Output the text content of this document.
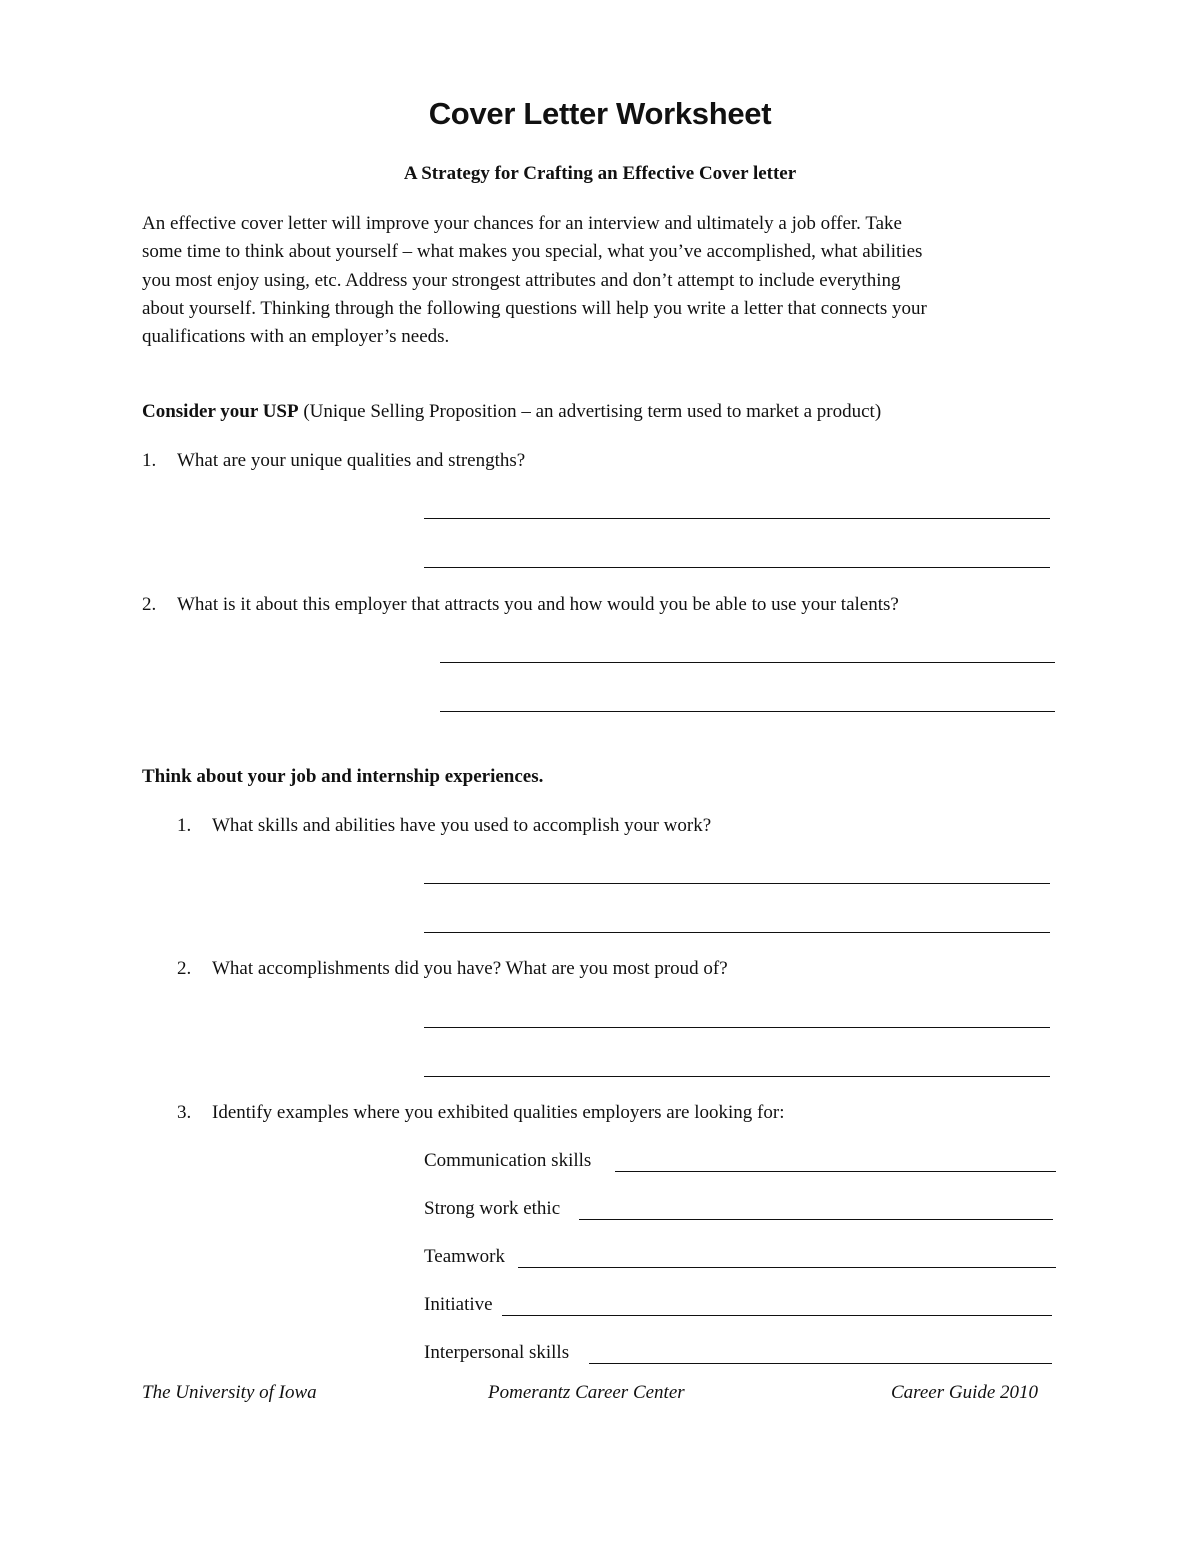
Cover Letter Worksheet
A Strategy for Crafting an Effective Cover letter
An effective cover letter will improve your chances for an interview and ultimately a job offer. Take
some time to think about yourself – what makes you special, what you’ve accomplished, what abilities
you most enjoy using, etc. Address your strongest attributes and don’t attempt to include everything
about yourself. Thinking through the following questions will help you write a letter that connects your
qualifications with an employer’s needs.
Consider your USP (Unique Selling Proposition – an advertising term used to market a product)
1. What are your unique qualities and strengths?
2. What is it about this employer that attracts you and how would you be able to use your talents?
Think about your job and internship experiences.
1. What skills and abilities have you used to accomplish your work?
2. What accomplishments did you have? What are you most proud of?
3. Identify examples where you exhibited qualities employers are looking for:
Communication skills
Strong work ethic
Teamwork
Initiative
Interpersonal skills
The University of Iowa	Pomerantz Career Center	Career Guide 2010
